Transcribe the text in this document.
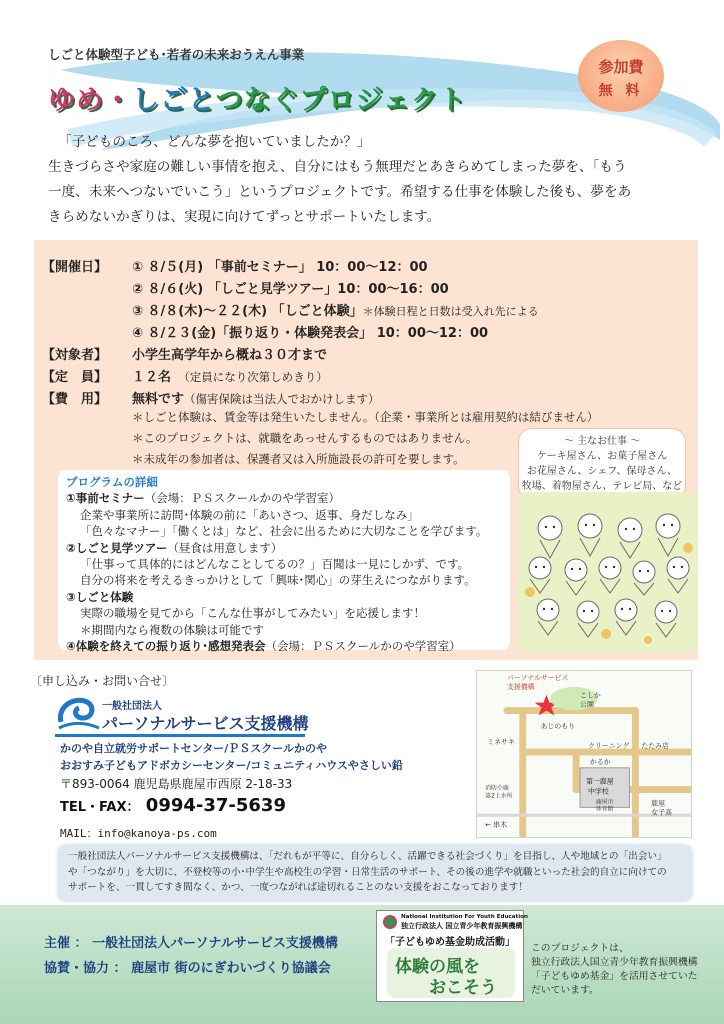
しごと体験型子ども･若者の未来おうえん事業
ゆめ・しごとつなぐプロジェクト
参加費
無 料
「子どものころ、どんな夢を抱いていましたか？」
生きづらさや家庭の難しい事情を抱え、自分にはもう無理だとあきらめてしまった夢を、「もう
一度、未来へつないでいこう」というプロジェクトです。希望する仕事を体験した後も、夢をあ
きらめないかぎりは、実現に向けてずっとサポートいたします。
【開催日】 ① ８/５(月) 「事前セミナー」 10：00～12：00
② ８/６(火) 「しごと見学ツアー」10：00～16：00
③ ８/８(木)～２２(木) 「しごと体験」＊体験日程と日数は受入れ先による
④ ８/２３(金)「振り返り・体験発表会」 10：00～12：00
【対象者】 小学生高学年から概ね３０才まで
【定　員】 １２名　 （定員になり次第しめきり）
【費　用】 無料です（傷害保険は当法人でおかけします）
＊しごと体験は、賃金等は発生いたしません。（企業・事業所とは雇用契約は結びません）
＊このプロジェクトは、就職をあっせんするものではありません。
＊未成年の参加者は、保護者又は入所施設長の許可を要します。
～ 主なお仕事 ～
ケーキ屋さん、お菓子屋さん
お花屋さん、シェフ、保母さん、
牧場、着物屋さん、テレビ局、など
プログラムの詳細
①事前セミナー（会場：ＰＳスクールかのや学習室）
企業や事業所に訪問･体験の前に「あいさつ、返事、身だしなみ」
「色々なマナー」「働くとは」など、社会に出るために大切なことを学びます。
②しごと見学ツアー（昼食は用意します）
「仕事って具体的にはどんなことしてるの？」百聞は一見にしかず、です。
自分の将来を考えるきっかけとして「興味･関心」の芽生えにつながります。
③しごと体験
実際の職場を見てから「こんな仕事がしてみたい」を応援します！
＊期間内なら複数の体験は可能です
④体験を終えての振り返り･感想発表会（会場：ＰＳスクールかのや学習室）
〔申し込み・お問い合せ〕
一般社団法人
パーソナルサービス支援機構
かのや自立就労サポートセンター/ＰＳスクールかのや
おおすみ子どもアドボカシーセンター/コミュニティハウスやさしい鉛
〒893-0064 鹿児島県鹿屋市西原 2-18-33
TEL・FAX： 0994-37-5639
MAIL：info@kanoya-ps.com
パーソナルサービス
支援機構
こしか
公園
あじのもり
ミネサキ	クリーニング たたみ店
かるか
第一鹿屋
中学校
消防小鹿
第2上水所
鹿屋市
体育館
鹿屋
女子高
← 串木
一般社団法人パーソナルサービス支援機構は、「だれもが平等に、自分らしく、活躍できる社会づくり」を目指し、人や地域との「出会い」
や「つながり」を大切に、不登校等の小･中学生や高校生の学習・日常生活のサポート、その後の進学や就職といった社会的自立に向けての
サポートを、一貫してすき間なく、かつ、一度つながれば途切れることのない支援をおこなっております！
主催 ： 一般社団法人パーソナルサービス支援機構
協賛・協力 ： 鹿屋市 街のにぎわいづくり協議会
National Institution For Youth Education
独立行政法人 国立青少年教育振興機構
「子どもゆめ基金助成活動」
体験の風を
おこそう
このプロジェクトは、
独立行政法人国立青少年教育振興機構
「子どもゆめ基金」を活用させていた
だいています。
